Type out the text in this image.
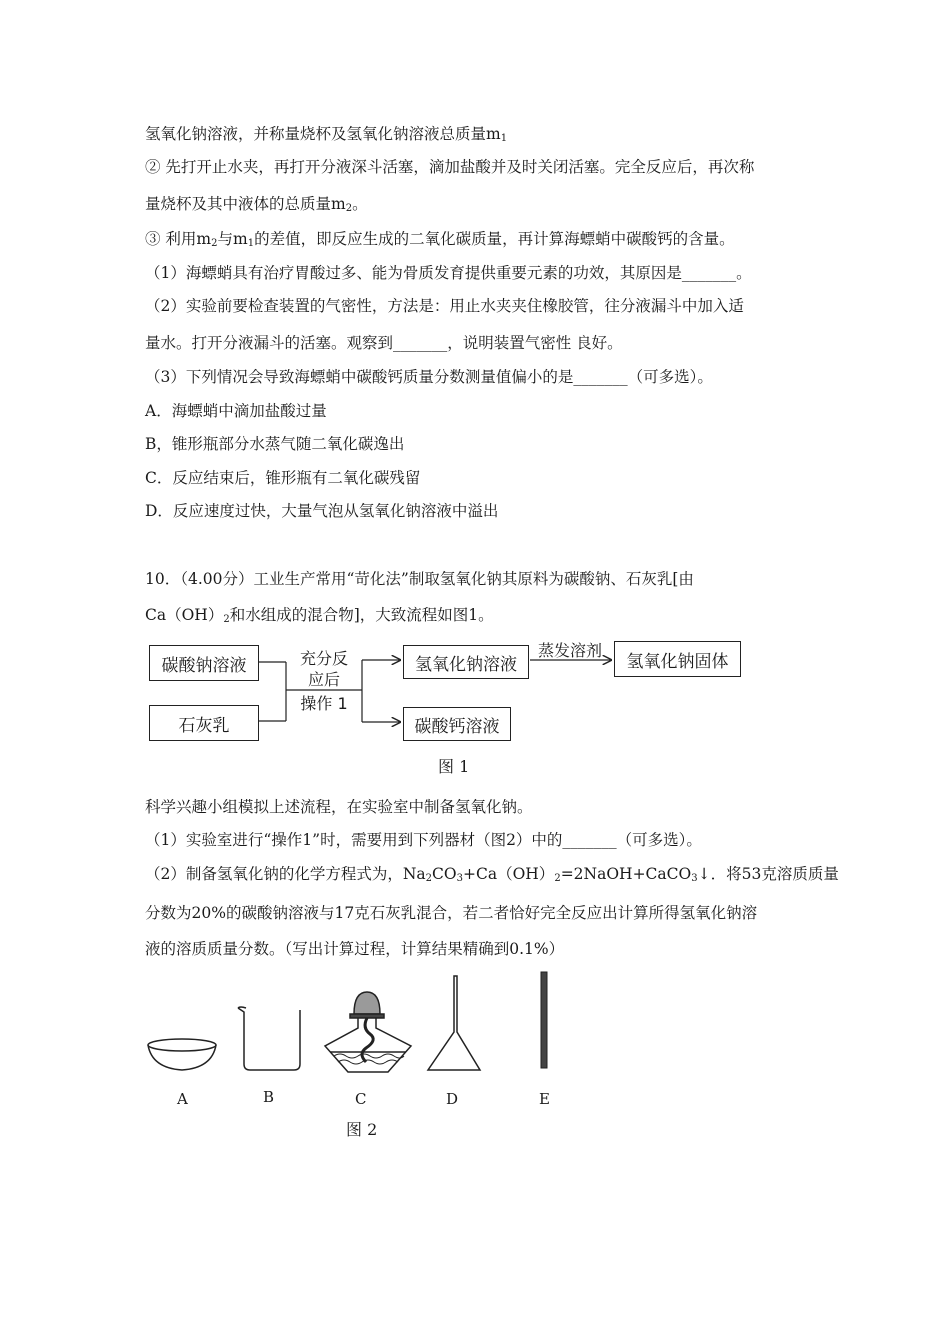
氢氧化钠溶液，并称量烧杯及氢氧化钠溶液总质量$m_1$
② 先打开止水夹，再打开分液深斗活塞，滴加盐酸并及时关闭活塞。完全反应后，再次称
量烧杯及其中液体的总质量$m_2$。
③ 利用$m_2$与$m_1$的差值，即反应生成的二氧化碳质量，再计算海螵蛸中碳酸钙的含量。
（1）海螵蛸具有治疗胃酸过多、能为骨质发育提供重要元素的功效，其原因是_______。
（2）实验前要检查装置的气密性，方法是：用止水夹夹住橡胶管，往分液漏斗中加入适
量水。打开分液漏斗的活塞。观察到_______，说明装置气密性 良好。
（3）下列情况会导致海螵蛸中碳酸钙质量分数测量值偏小的是_______（可多选）。
A．海螵蛸中滴加盐酸过量
B，锥形瓶部分水蒸气随二氧化碳逸出
C．反应结束后，锥形瓶有二氧化碳残留
D．反应速度过快，大量气泡从氢氧化钠溶液中溢出
10．（4.00分）工业生产常用“苛化法”制取氢氧化钠其原料为碳酸钠、石灰乳[由
$Ca(OH)_2$和水组成的混合物]，大致流程如图1。
碳酸钠溶液
石灰乳
充分反
应后
操作 1
氢氧化钠溶液
蒸发溶剂
氢氧化钠固体
碳酸钙溶液
图 1
科学兴趣小组模拟上述流程，在实验室中制备氢氧化钠。
（1）实验室进行“操作1”时，需要用到下列器材（图2）中的_______（可多选）。
（2）制备氢氧化钠的化学方程式为，$Na_2CO_3+Ca(OH)_2=2NaOH+CaCO_3↓$．将53克溶质质量
分数为20%的碳酸钠溶液与17克石灰乳混合，若二者恰好完全反应出计算所得氢氧化钠溶
液的溶质质量分数。（写出计算过程，计算结果精确到0.1%）
A	B	C	D	E
图 2
